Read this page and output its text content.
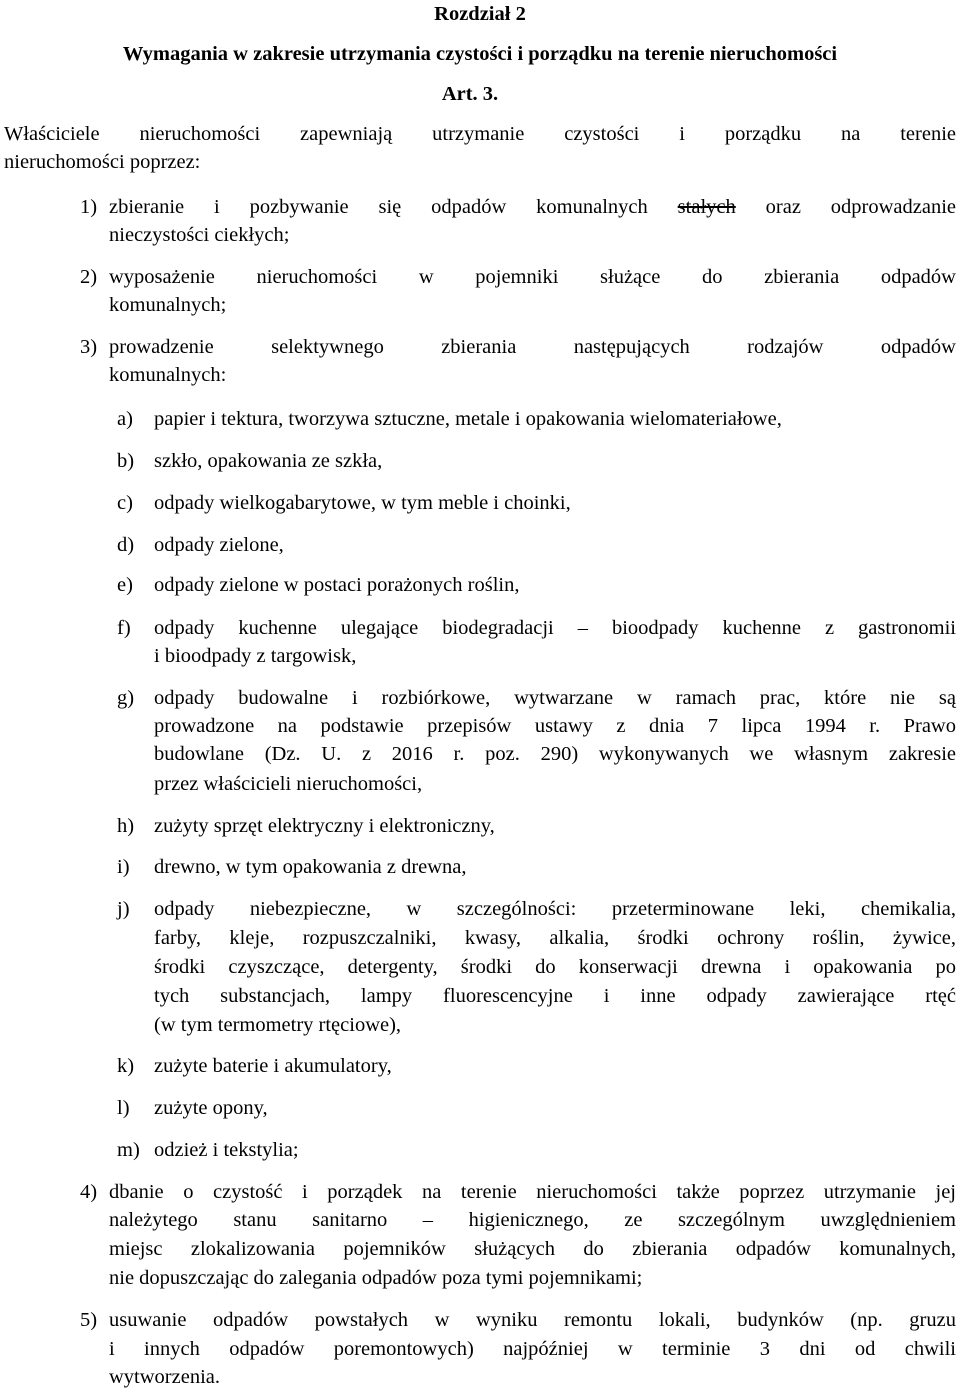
Rozdział 2
Wymagania w zakresie utrzymania czystości i porządku na terenie nieruchomości
Art. 3.
Właściciele nieruchomości zapewniają utrzymanie czystości i porządku na terenie
nieruchomości poprzez:
1) zbieranie i pozbywanie się odpadów komunalnych stałych oraz odprowadzanie
nieczystości ciekłych;
2) wyposażenie nieruchomości w pojemniki służące do zbierania odpadów
komunalnych;
3) prowadzenie selektywnego zbierania następujących rodzajów odpadów
komunalnych:
a) papier i tektura, tworzywa sztuczne, metale i opakowania wielomateriałowe,
b) szkło, opakowania ze szkła,
c) odpady wielkogabarytowe, w tym meble i choinki,
d) odpady zielone,
e) odpady zielone w postaci porażonych roślin,
f) odpady kuchenne ulegające biodegradacji – bioodpady kuchenne z gastronomii
i bioodpady z targowisk,
g) odpady budowalne i rozbiórkowe, wytwarzane w ramach prac, które nie są
prowadzone na podstawie przepisów ustawy z dnia 7 lipca 1994 r. Prawo
budowlane (Dz. U. z 2016 r. poz. 290) wykonywanych we własnym zakresie
przez właścicieli nieruchomości,
h) zużyty sprzęt elektryczny i elektroniczny,
i) drewno, w tym opakowania z drewna,
j) odpady niebezpieczne, w szczególności: przeterminowane leki, chemikalia,
farby, kleje, rozpuszczalniki, kwasy, alkalia, środki ochrony roślin, żywice,
środki czyszczące, detergenty, środki do konserwacji drewna i opakowania po
tych substancjach, lampy fluorescencyjne i inne odpady zawierające rtęć
(w tym termometry rtęciowe),
k) zużyte baterie i akumulatory,
l) zużyte opony,
m) odzież i tekstylia;
4) dbanie o czystość i porządek na terenie nieruchomości także poprzez utrzymanie jej
należytego stanu sanitarno – higienicznego, ze szczególnym uwzględnieniem
miejsc zlokalizowania pojemników służących do zbierania odpadów komunalnych,
nie dopuszczając do zalegania odpadów poza tymi pojemnikami;
5) usuwanie odpadów powstałych w wyniku remontu lokali, budynków (np. gruzu
i innych odpadów poremontowych) najpóźniej w terminie 3 dni od chwili
wytworzenia.
